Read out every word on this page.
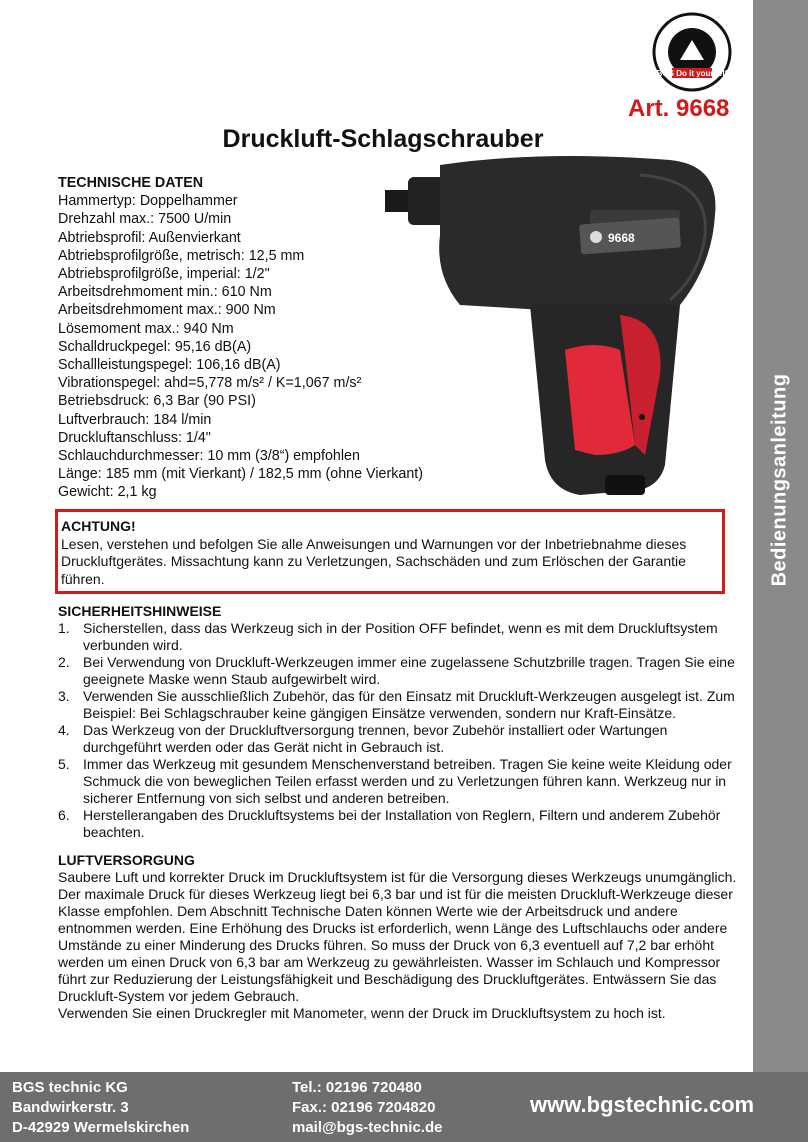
Bedienungsanleitung
BGS Do it yourself
Art. 9668
Druckluft-Schlagschrauber
TECHNISCHE DATEN
Hammertyp: Doppelhammer
Drehzahl max.: 7500 U/min
Abtriebsprofil: Außenvierkant
Abtriebsprofilgröße, metrisch: 12,5 mm
Abtriebsprofilgröße, imperial: 1/2"
Arbeitsdrehmoment min.: 610 Nm
Arbeitsdrehmoment max.: 900 Nm
Lösemoment max.: 940 Nm
Schalldruckpegel: 95,16 dB(A)
Schallleistungspegel: 106,16 dB(A)
Vibrationspegel: ahd=5,778 m/s² / K=1,067 m/s²
Betriebsdruck: 6,3 Bar (90 PSI)
Luftverbrauch: 184 l/min
Druckluftanschluss: 1/4"
Schlauchdurchmesser: 10 mm (3/8“) empfohlen
Länge: 185 mm (mit Vierkant) / 182,5 mm (ohne Vierkant)
Gewicht: 2,1 kg
9668
ACHTUNG!
Lesen, verstehen und befolgen Sie alle Anweisungen und Warnungen vor der Inbetriebnahme dieses Druckluftgerätes. Missachtung kann zu Verletzungen, Sachschäden und zum Erlöschen der Garantie führen.
SICHERHEITSHINWEISE
1. Sicherstellen, dass das Werkzeug sich in der Position OFF befindet, wenn es mit dem Druckluftsystem verbunden wird.
2. Bei Verwendung von Druckluft-Werkzeugen immer eine zugelassene Schutzbrille tragen. Tragen Sie eine geeignete Maske wenn Staub aufgewirbelt wird.
3. Verwenden Sie ausschließlich Zubehör, das für den Einsatz mit Druckluft-Werkzeugen ausgelegt ist. Zum Beispiel: Bei Schlagschrauber keine gängigen Einsätze verwenden, sondern nur Kraft-Einsätze.
4. Das Werkzeug von der Druckluftversorgung trennen, bevor Zubehör installiert oder Wartungen durchgeführt werden oder das Gerät nicht in Gebrauch ist.
5. Immer das Werkzeug mit gesundem Menschenverstand betreiben. Tragen Sie keine weite Kleidung oder Schmuck die von beweglichen Teilen erfasst werden und zu Verletzungen führen kann. Werkzeug nur in sicherer Entfernung von sich selbst und anderen betreiben.
6. Herstellerangaben des Druckluftsystems bei der Installation von Reglern, Filtern und anderem Zubehör beachten.
LUFTVERSORGUNG

Saubere Luft und korrekter Druck im Druckluftsystem ist für die Versorgung dieses Werkzeugs unumgänglich. Der maximale Druck für dieses Werkzeug liegt bei 6,3 bar und ist für die meisten Druckluft-Werkzeuge dieser Klasse empfohlen. Dem Abschnitt Technische Daten können Werte wie der Arbeitsdruck und andere entnommen werden. Eine Erhöhung des Drucks ist erforderlich, wenn Länge des Luftschlauchs oder andere Umstände zu einer Minderung des Drucks führen. So muss der Druck von 6,3 eventuell auf 7,2 bar erhöht werden um einen Druck von 6,3 bar am Werkzeug zu gewährleisten. Wasser im Schlauch und Kompressor führt zur Reduzierung der Leistungsfähigkeit und Beschädigung des Druckluftgerätes. Entwässern Sie das Druckluft-System vor jedem Gebrauch.

Verwenden Sie einen Druckregler mit Manometer, wenn der Druck im Druckluftsystem zu hoch ist.

BGS technic KG
Bandwirkerstr. 3
D-42929 Wermelskirchen
Tel.: 02196 720480
Fax.: 02196 7204820
mail@bgs-technic.de
www.bgstechnic.com
